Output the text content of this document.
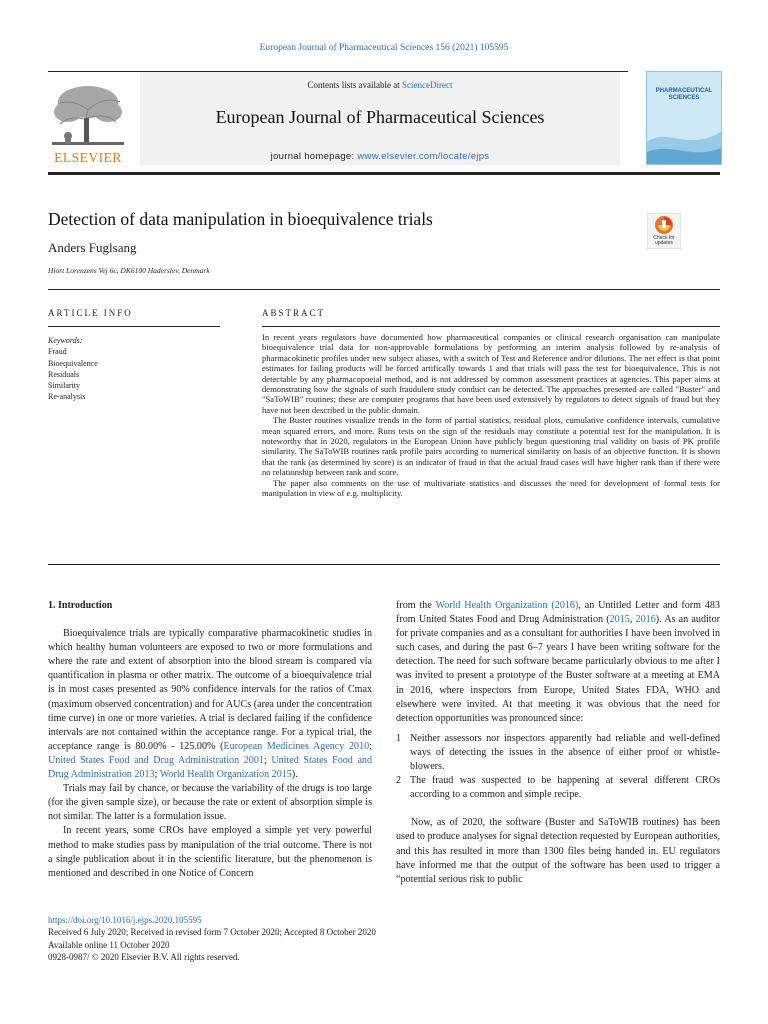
European Journal of Pharmaceutical Sciences 156 (2021) 105595
ELSEVIER
Contents lists available at ScienceDirect
European Journal of Pharmaceutical Sciences
journal homepage: www.elsevier.com/locate/ejps
PHARMACEUTICAL SCIENCES
Detection of data manipulation in bioequivalence trials
Check for updates
Anders Fuglsang
Hiort Lorenzens Vej 6c, DK6100 Haderslev, Denmark
ARTICLE INFO
Keywords:
Fraud
Bioequivalence
Residuals
Similarity
Re-analysis
ABSTRACT

In recent years regulators have documented how pharmaceutical companies or clinical research organisation can manipulate bioequivalence trial data for non-approvable formulations by performing an interim analysis followed by re-analysis of pharmacokinetic profiles under new subject aliases, with a switch of Test and Reference and/or dilutions. The net effect is that point estimates for failing products will be forced artifically towards 1 and that trials will pass the test for bioequivalence. This is not detectable by any pharmacopoeial method, and is not addressed by common assessment practices at agencies. This paper aims at demonstrating how the signals of such fraudulent study conduct can be detected. The approaches presented are called "Buster" and "SaToWIB" routines; these are computer programs that have been used extensively by regulators to detect signals of fraud but they have not been described in the public domain.

The Buster routines visualize trends in the form of partial statistics, residual plots, cumulative confidence intervals, cumulative mean squared errors, and more. Runs tests on the sign of the residuals may constitute a potential test for the manipulation. It is noteworthy that in 2020, regulators in the European Union have publicly begun questioning trial validity on basis of PK profile similarity. The SaToWIB routines rank profile pairs according to numerical similarity on basis of an objective function. It is shown that the rank (as determined by score) is an indicator of fraud in that the actual fraud cases will have higher rank than if there were no relationship between rank and score.

The paper also comments on the use of multivariate statistics and discusses the need for development of formal tests for manipulation in view of e.g. multiplicity.

1. Introduction

Bioequivalence trials are typically comparative pharmacokinetic studies in which healthy human volunteers are exposed to two or more formulations and where the rate and extent of absorption into the blood stream is compared via quantification in plasma or other matrix. The outcome of a bioequivalence trial is in most cases presented as 90% confidence intervals for the ratios of Cmax (maximum observed concentration) and for AUCs (area under the concentration time curve) in one or more varieties. A trial is declared failing if the confidence intervals are not contained within the acceptance range. For a typical trial, the acceptance range is 80.00% - 125.00% (European Medicines Agency 2010; United States Food and Drug Administration 2001; United States Food and Drug Administration 2013; World Health Organization 2015).

Trials may fail by chance, or because the variability of the drugs is too large (for the given sample size), or because the rate or extent of absorption simple is not similar. The latter is a formulation issue.

In recent years, some CROs have employed a simple yet very powerful method to make studies pass by manipulation of the trial outcome. There is not a single publication about it in the scientific literature, but the phenomenon is mentioned and described in one Notice of Concern

from the World Health Organization (2016), an Untitled Letter and form 483 from United States Food and Drug Administration (2015, 2016). As an auditor for private companies and as a consultant for authorities I have been involved in such cases, and during the past 6–7 years I have been writing software for the detection. The need for such software became particularly obvious to me after I was invited to present a prototype of the Buster software at a meeting at EMA in 2016, where inspectors from Europe, United States FDA, WHO and elsewhere were invited. At that meeting it was obvious that the need for detection opportunities was pronounced since:

1 Neither assessors nor inspectors apparently had reliable and well-defined ways of detecting the issues in the absence of either proof or whistle-blowers.
2 The fraud was suspected to be happening at several different CROs according to a common and simple recipe.

Now, as of 2020, the software (Buster and SaToWIB routines) has been used to produce analyses for signal detection requested by European authorities, and this has resulted in more than 1300 files being handed in. EU regulators have informed me that the output of the software has been used to trigger a “potential serious risk to public

https://doi.org/10.1016/j.ejps.2020.105595
Received 6 July 2020; Received in revised form 7 October 2020; Accepted 8 October 2020
Available online 11 October 2020
0928-0987/ © 2020 Elsevier B.V. All rights reserved.
